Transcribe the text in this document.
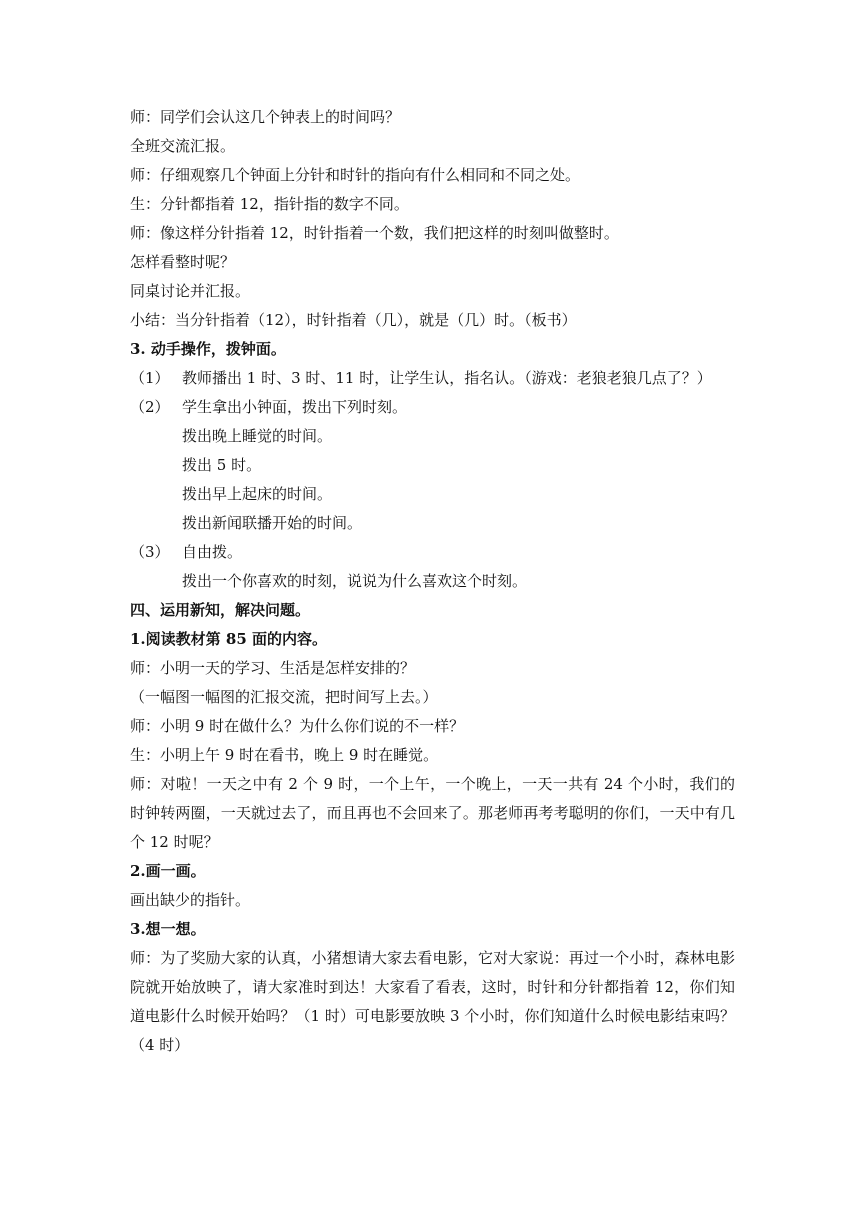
师：同学们会认这几个钟表上的时间吗？
全班交流汇报。
师：仔细观察几个钟面上分针和时针的指向有什么相同和不同之处。
生：分针都指着 12，指针指的数字不同。
师：像这样分针指着 12，时针指着一个数，我们把这样的时刻叫做整时。
怎样看整时呢？
同桌讨论并汇报。
小结：当分针指着（12），时针指着（几），就是（几）时。（板书）
3. 动手操作，拨钟面。
（1） 教师播出 1 时、3 时、11 时，让学生认，指名认。（游戏：老狼老狼几点了？）
（2） 学生拿出小钟面，拨出下列时刻。
拨出晚上睡觉的时间。
拨出 5 时。
拨出早上起床的时间。
拨出新闻联播开始的时间。
（3） 自由拨。
拨出一个你喜欢的时刻，说说为什么喜欢这个时刻。
四、运用新知，解决问题。
1.阅读教材第 85 面的内容。
师：小明一天的学习、生活是怎样安排的？
（一幅图一幅图的汇报交流，把时间写上去。）
师：小明 9 时在做什么？为什么你们说的不一样？
生：小明上午 9 时在看书，晚上 9 时在睡觉。
师：对啦！一天之中有 2 个 9 时，一个上午，一个晚上，一天一共有 24 个小时，我们的时钟转两圈，一天就过去了，而且再也不会回来了。那老师再考考聪明的你们，一天中有几个 12 时呢？
2.画一画。
画出缺少的指针。
3.想一想。
师：为了奖励大家的认真，小猪想请大家去看电影，它对大家说：再过一个小时，森林电影院就开始放映了，请大家准时到达！大家看了看表，这时，时针和分针都指着 12，你们知道电影什么时候开始吗？（1 时）可电影要放映 3 个小时，你们知道什么时候电影结束吗？（4 时）
